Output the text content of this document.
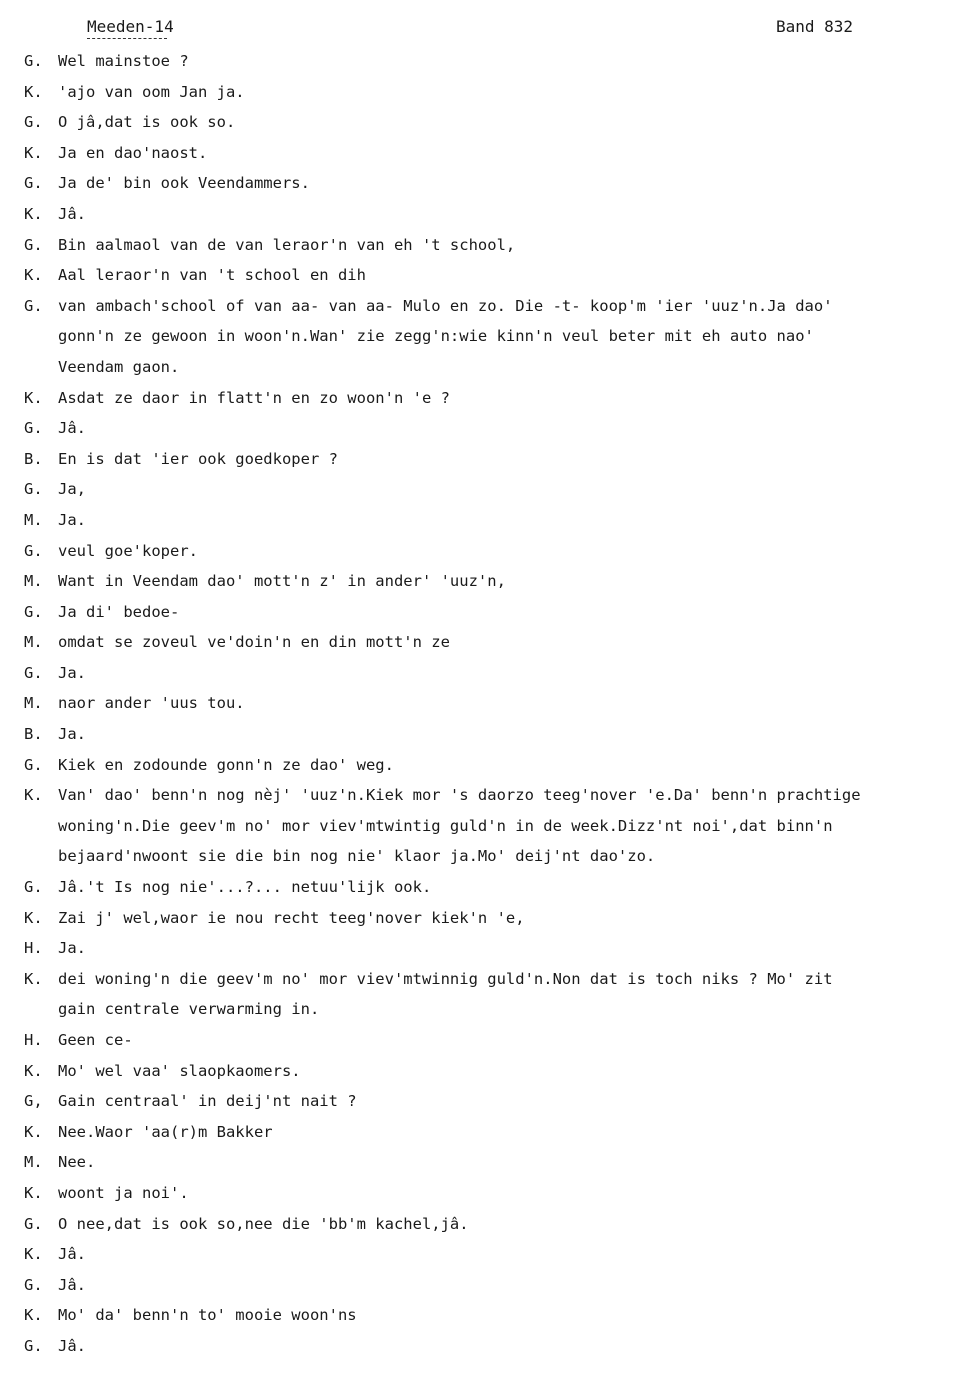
Meeden-14	Band 832
G. Wel mainstoe ?
K. 'ajo van oom Jan ja.
G. O jâ,dat is ook so.
K. Ja en dao'naost.
G. Ja de' bin ook Veendammers.
K. Jâ.
G. Bin aalmaol van de van leraor'n van eh 't school,
K. Aal leraor'n van 't school en dih
G. van ambach'school of van aa- van aa- Mulo en zo. Die -t- koop'm 'ier 'uuz'n.Ja dao'
gonn'n ze gewoon in woon'n.Wan' zie zegg'n:wie kinn'n veul beter mit eh auto nao'
Veendam gaon.
K. Asdat ze daor in flatt'n en zo woon'n 'e ?
G. Jâ.
B. En is dat 'ier ook goedkoper ?
G. Ja,
M. Ja.
G. veul goe'koper.
M. Want in Veendam dao' mott'n z' in ander' 'uuz'n,
G. Ja di' bedoe-
M. omdat se zoveul ve'doin'n en din mott'n ze
G. Ja.
M. naor ander 'uus tou.
B. Ja.
G. Kiek en zodounde gonn'n ze dao' weg.
K. Van' dao' benn'n nog nèj' 'uuz'n.Kiek mor 's daorzo teeg'nover 'e.Da' benn'n prachtige
woning'n.Die geev'm no' mor viev'mtwintig guld'n in de week.Dizz'nt noi',dat binn'n
bejaard'nwoont sie die bin nog nie' klaor ja.Mo' deij'nt dao'zo.
G. Jâ.'t Is nog nie'...?... netuu'lijk ook.
K. Zai j' wel,waor ie nou recht teeg'nover kiek'n 'e,
H. Ja.
K. dei woning'n die geev'm no' mor viev'mtwinnig guld'n.Non dat is toch niks ? Mo' zit
gain centrale verwarming in.
H. Geen ce-
K. Mo' wel vaa' slaopkaomers.
G, Gain centraal' in deij'nt nait ?
K. Nee.Waor 'aa(r)m Bakker
M. Nee.
K. woont ja noi'.
G. O nee,dat is ook so,nee die 'bb'm kachel,jâ.
K. Jâ.
G. Jâ.
K. Mo' da' benn'n to' mooie woon'ns
G. Jâ.
